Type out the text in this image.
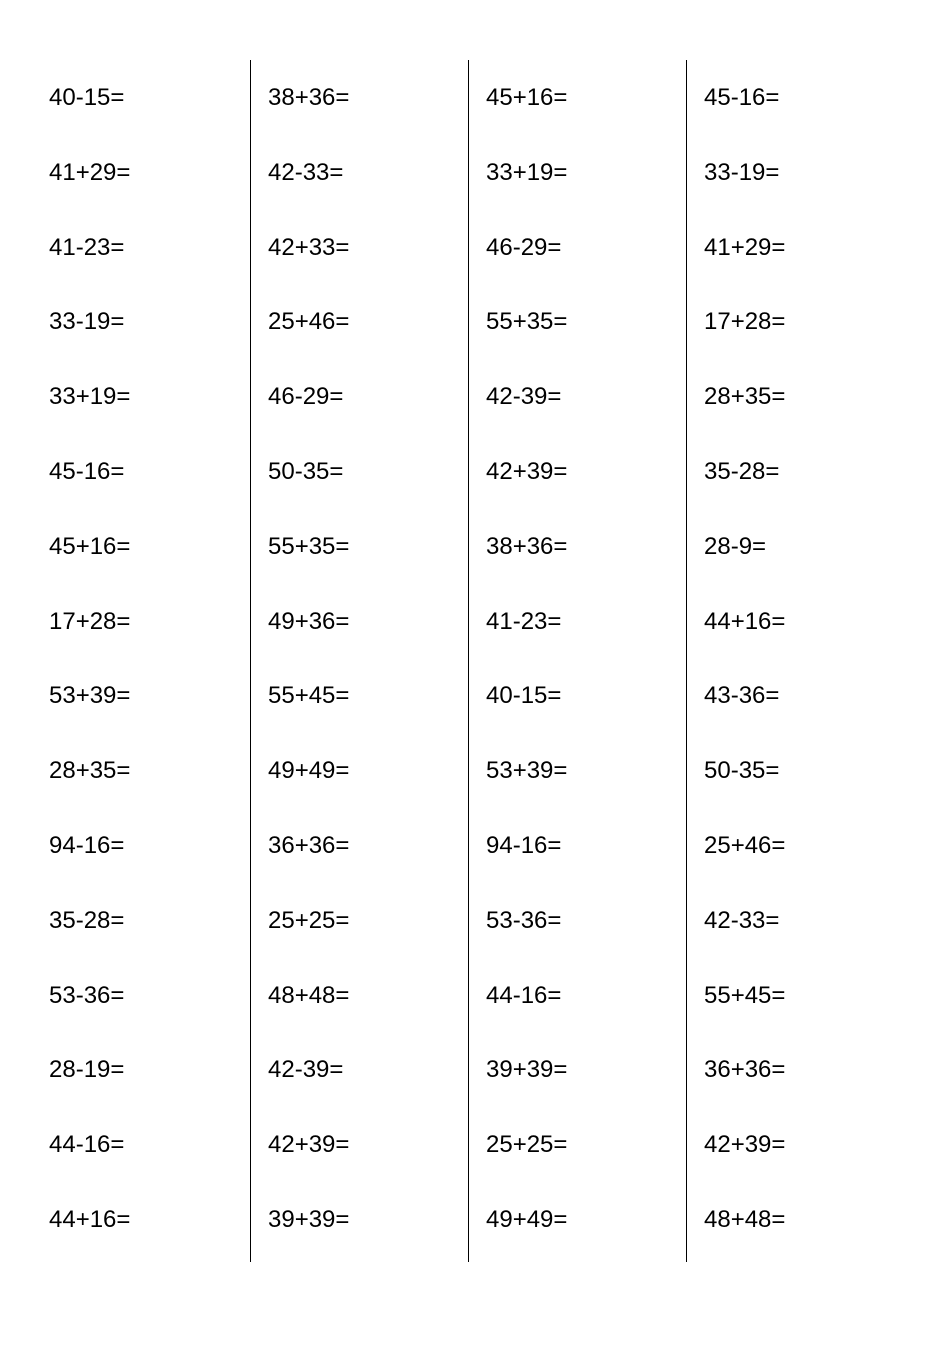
40-15=
41+29=
41-23=
33-19=
33+19=
45-16=
45+16=
17+28=
53+39=
28+35=
94-16=
35-28=
53-36=
28-19=
44-16=
44+16=
38+36=
42-33=
42+33=
25+46=
46-29=
50-35=
55+35=
49+36=
55+45=
49+49=
36+36=
25+25=
48+48=
42-39=
42+39=
39+39=
45+16=
33+19=
46-29=
55+35=
42-39=
42+39=
38+36=
41-23=
40-15=
53+39=
94-16=
53-36=
44-16=
39+39=
25+25=
49+49=
45-16=
33-19=
41+29=
17+28=
28+35=
35-28=
28-9=
44+16=
43-36=
50-35=
25+46=
42-33=
55+45=
36+36=
42+39=
48+48=
